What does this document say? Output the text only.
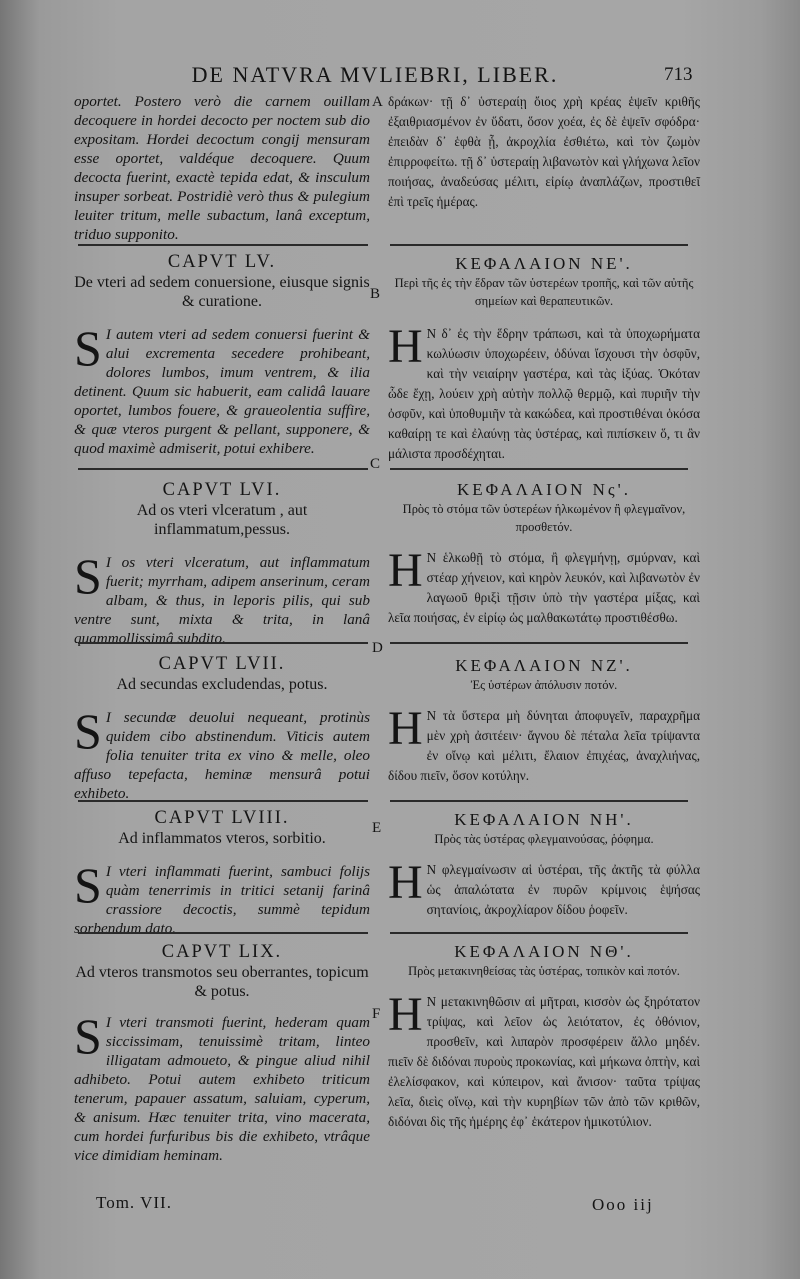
DE NATVRA MVLIEBRI, LIBER.	713

oportet. Postero verò die carnem ouillam decoquere in hordei decocto per noctem sub dio expositam. Hordei decoctum congij mensuram esse oportet, valdéque decoquere. Quum decocta fuerint, exactè tepida edat, & insculum insuper sorbeat. Postridiè verò thus & pulegium leuiter tritum, melle subactum, lanâ exceptum, triduo supponito.

δράκων· τῇ δ᾽ ὑστεραίῃ ὄιος χρὴ κρέας ἑψεῖν κριθῆς ἐξαιθριασμένον ἐν ὕδατι, ὅσον χοέα, ἐς δὲ ἑψεῖν σφόδρα· ἐπειδὰν δ᾽ ἑφθὰ ᾖ, ἀκροχλία ἐσθιέτω, καὶ τὸν ζωμὸν ἐπιρροφείτω. τῇ δ᾽ ὑστεραίῃ λιβανωτὸν καὶ γλήχωνα λεῖον ποιήσας, ἀναδεύσας μέλιτι, εἰρίῳ ἀναπλάζων, προστιθεῖ ἐπὶ τρεῖς ἡμέρας.

CAPVT LV.

De vteri ad sedem conuersione, eiusque signis & curatione.

S I autem vteri ad sedem conuersi fuerint & alui excrementa secedere prohibeant, dolores lumbos, imum ventrem, & ilia detinent. Quum sic habuerit, eam calidâ lauare oportet, lumbos fouere, & graueolentia suffire, & quæ vteros purgent & pellant, supponere, & quod maximè admiserit, potui exhibere.

ΚΕΦΑΛΑΙΟΝ ΝΕ'.

Περὶ τῆς ἐς τὴν ἕδραν τῶν ὑστερέων τροπῆς, καὶ τῶν αὐτῆς σημείων καὶ θεραπευτικῶν.

Η Ν δ᾽ ἐς τὴν ἕδρην τράπωσι, καὶ τὰ ὑποχωρήματα κωλύωσιν ὑποχωρέειν, ὀδύναι ἴσχουσι τὴν ὀσφῦν, καὶ τὴν νειαίρην γαστέρα, καὶ τὰς ἰξύας. Ὁκόταν ὧδε ἔχῃ, λούειν χρὴ αὐτὴν πολλῷ θερμῷ, καὶ πυριῆν τὴν ὀσφῦν, καὶ ὑποθυμιῆν τὰ κακώδεα, καὶ προστιθέναι ὁκόσα καθαίρῃ τε καὶ ἐλαύνῃ τὰς ὑστέρας, καὶ πιπίσκειν ὅ, τι ἂν μάλιστα προσδέχηται.

CAPVT LVI.

Ad os vteri vlceratum , aut inflammatum,pessus.

S I os vteri vlceratum, aut inflammatum fuerit; myrrham, adipem anserinum, ceram albam, & thus, in leporis pilis, qui sub ventre sunt, mixta & trita, in lanâ quammollissimâ subdito.

ΚΕΦΑΛΑΙΟΝ Νς'.

Πρὸς τὸ στόμα τῶν ὑστερέων ἡλκωμένον ἢ φλεγμαῖνον, προσθετόν.

Η Ν ἑλκωθῇ τὸ στόμα, ἢ φλεγμήνῃ, σμύρναν, καὶ στέαρ χήνειον, καὶ κηρὸν λευκόν, καὶ λιβανωτὸν ἐν λαγωοῦ θριξὶ τῇσιν ὑπὸ τὴν γαστέρα μίξας, καὶ λεῖα ποιήσας, ἐν εἰρίῳ ὡς μαλθακωτάτῳ προστιθέσθω.

CAPVT LVII.

Ad secundas excludendas, potus.

S I secundæ deuolui nequeant, protinùs quidem cibo abstinendum. Viticis autem folia tenuiter trita ex vino & melle, oleo affuso tepefacta, heminæ mensurâ potui exhibeto.

ΚΕΦΑΛΑΙΟΝ ΝΖ'.

Ἐς ὑστέρων ἀπόλυσιν ποτόν.

Η Ν τὰ ὕστερα μὴ δύνηται ἀποφυγεῖν, παραχρῆμα μὲν χρὴ ἀσιτέειν· ἄγνου δὲ πέταλα λεῖα τρίψαντα ἐν οἴνῳ καὶ μέλιτι, ἔλαιον ἐπιχέας, ἀναχλιήνας, δίδου πιεῖν, ὅσον κοτύλην.

CAPVT LVIII.

Ad inflammatos vteros, sorbitio.

S I vteri inflammati fuerint, sambuci folijs quàm tenerrimis in tritici setanij farinâ crassiore decoctis, summè tepidum sorbendum dato.

ΚΕΦΑΛΑΙΟΝ ΝΗ'.

Πρὸς τὰς ὑστέρας φλεγμαινούσας, ῥόφημα.

Η Ν φλεγμαίνωσιν αἱ ὑστέραι, τῆς ἀκτῆς τὰ φύλλα ὡς ἁπαλώτατα ἐν πυρῶν κρίμνοις ἑψήσας σητανίοις, ἀκροχλίαρον δίδου ῥοφεῖν.

CAPVT LIX.

Ad vteros transmotos seu oberrantes, topicum & potus.

S I vteri transmoti fuerint, hederam quam siccissimam, tenuissimè tritam, linteo illigatam admoueto, & pingue aliud nihil adhibeto. Potui autem exhibeto triticum tenerum, papauer assatum, saluiam, cyperum, & anisum. Hæc tenuiter trita, vino macerata, cum hordei furfuribus bis die exhibeto, vtrâque vice dimidiam heminam.

ΚΕΦΑΛΑΙΟΝ ΝΘ'.

Πρὸς μετακινηθείσας τὰς ὑστέρας, τοπικὸν καὶ ποτόν.

Η Ν μετακινηθῶσιν αἱ μῆτραι, κισσὸν ὡς ξηρότατον τρίψας, καὶ λεῖον ὡς λειότατον, ἐς ὀθόνιον, προσθεῖν, καὶ λιπαρὸν προσφέρειν ἄλλο μηδέν. πιεῖν δὲ διδόναι πυροὺς προκωνίας, καὶ μήκωνα ὀπτὴν, καὶ ἐλελίσφακον, καὶ κύπειρον, καὶ ἄνισον· ταῦτα τρίψας λεῖα, διεὶς οἴνῳ, καὶ τὴν κυρηβίων τῶν ἀπὸ τῶν κριθῶν, διδόναι δὶς τῆς ἡμέρης ἐφ᾽ ἑκάτερον ἡμικοτύλιον.

A
B
C
D
E
F
Tom. VII.	Ooo iij
